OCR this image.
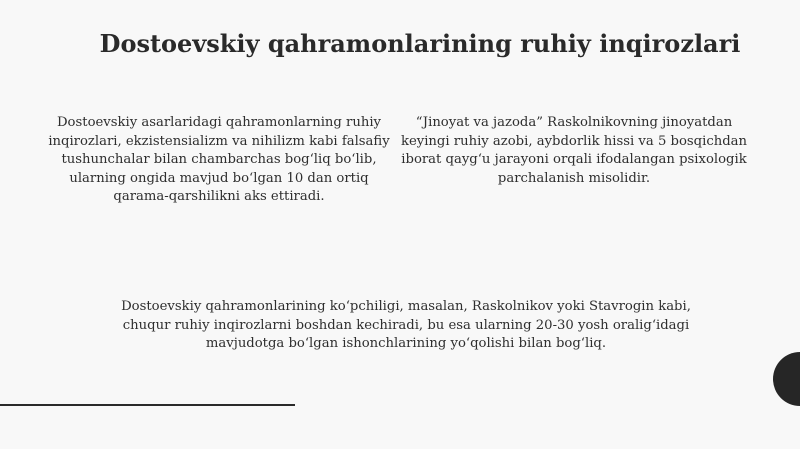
Dostoevskiy qahramonlarining ruhiy inqirozlari
Dostoevskiy asarlaridagi qahramonlarning ruhiy inqirozlari, ekzistensializm va nihilizm kabi falsafiy tushunchalar bilan chambarchas bog‘liq bo‘lib, ularning ongida mavjud bo‘lgan 10 dan ortiq qarama-qarshilikni aks ettiradi.
“Jinoyat va jazoda” Raskolnikovning jinoyatdan keyingi ruhiy azobi, aybdorlik hissi va 5 bosqichdan iborat qayg‘u jarayoni orqali ifodalangan psixologik parchalanish misolidir.
Dostoevskiy qahramonlarining ko‘pchiligi, masalan, Raskolnikov yoki Stavrogin kabi, chuqur ruhiy inqirozlarni boshdan kechiradi, bu esa ularning 20-30 yosh oralig‘idagi mavjudotga bo‘lgan ishonchlarining yo‘qolishi bilan bog‘liq.
